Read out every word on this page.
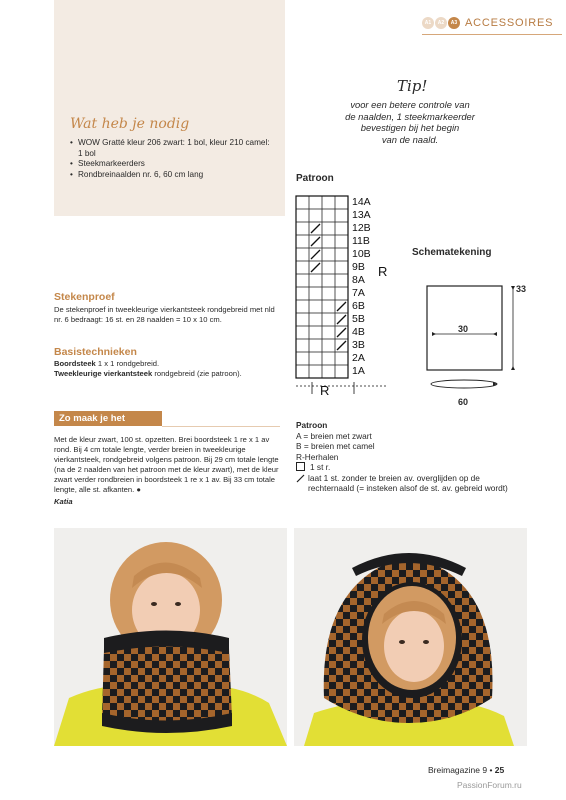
A1	A2	A3 ACCESSOIRES
Wat heb je nodig
• WOW Gratté kleur 206 zwart: 1 bol, kleur 210 camel: 1 bol
• Steekmarkeerders
• Rondbreinaalden nr. 6, 60 cm lang
Tip!
voor een betere controle van
de naalden, 1 steekmarkeerder
bevestigen bij het begin
van de naald.
Stekenproef
De stekenproef in tweekleurige vierkantsteek rondgebreid met nld nr. 6 bedraagt: 16 st. en 28 naalden = 10 x 10 cm.
Basistechnieken
Boordsteek 1 x 1 rondgebreid.
Tweekleurige vierkantsteek rondgebreid (zie patroon).
Zo maak je het
Met de kleur zwart, 100 st. opzetten. Brei boordsteek 1 re x 1 av rond. Bij 4 cm totale lengte, verder breien in tweekleurige vierkantsteek, rondgebreid volgens patroon. Bij 29 cm totale lengte (na de 2 naalden van het patroon met de kleur zwart), met de kleur zwart verder rondbreien in boordsteek 1 re x 1 av. Bij 33 cm totale lengte, alle st. afkanten. ●
Katia
Patroon
14A
13A
12B
11B
10B
9B
8A
7A
6B
5B
4B
3B
2A
1A
R
R
Schematekening
30
33
60
Patroon
A = breien met zwart
B = breien met camel
R-Herhalen
1 st r.
laat 1 st. zonder te breien av. overglijden op de rechternaald (= insteken alsof de st. av. gebreid wordt)
Breimagazine 9 • 25
PassionForum.ru
